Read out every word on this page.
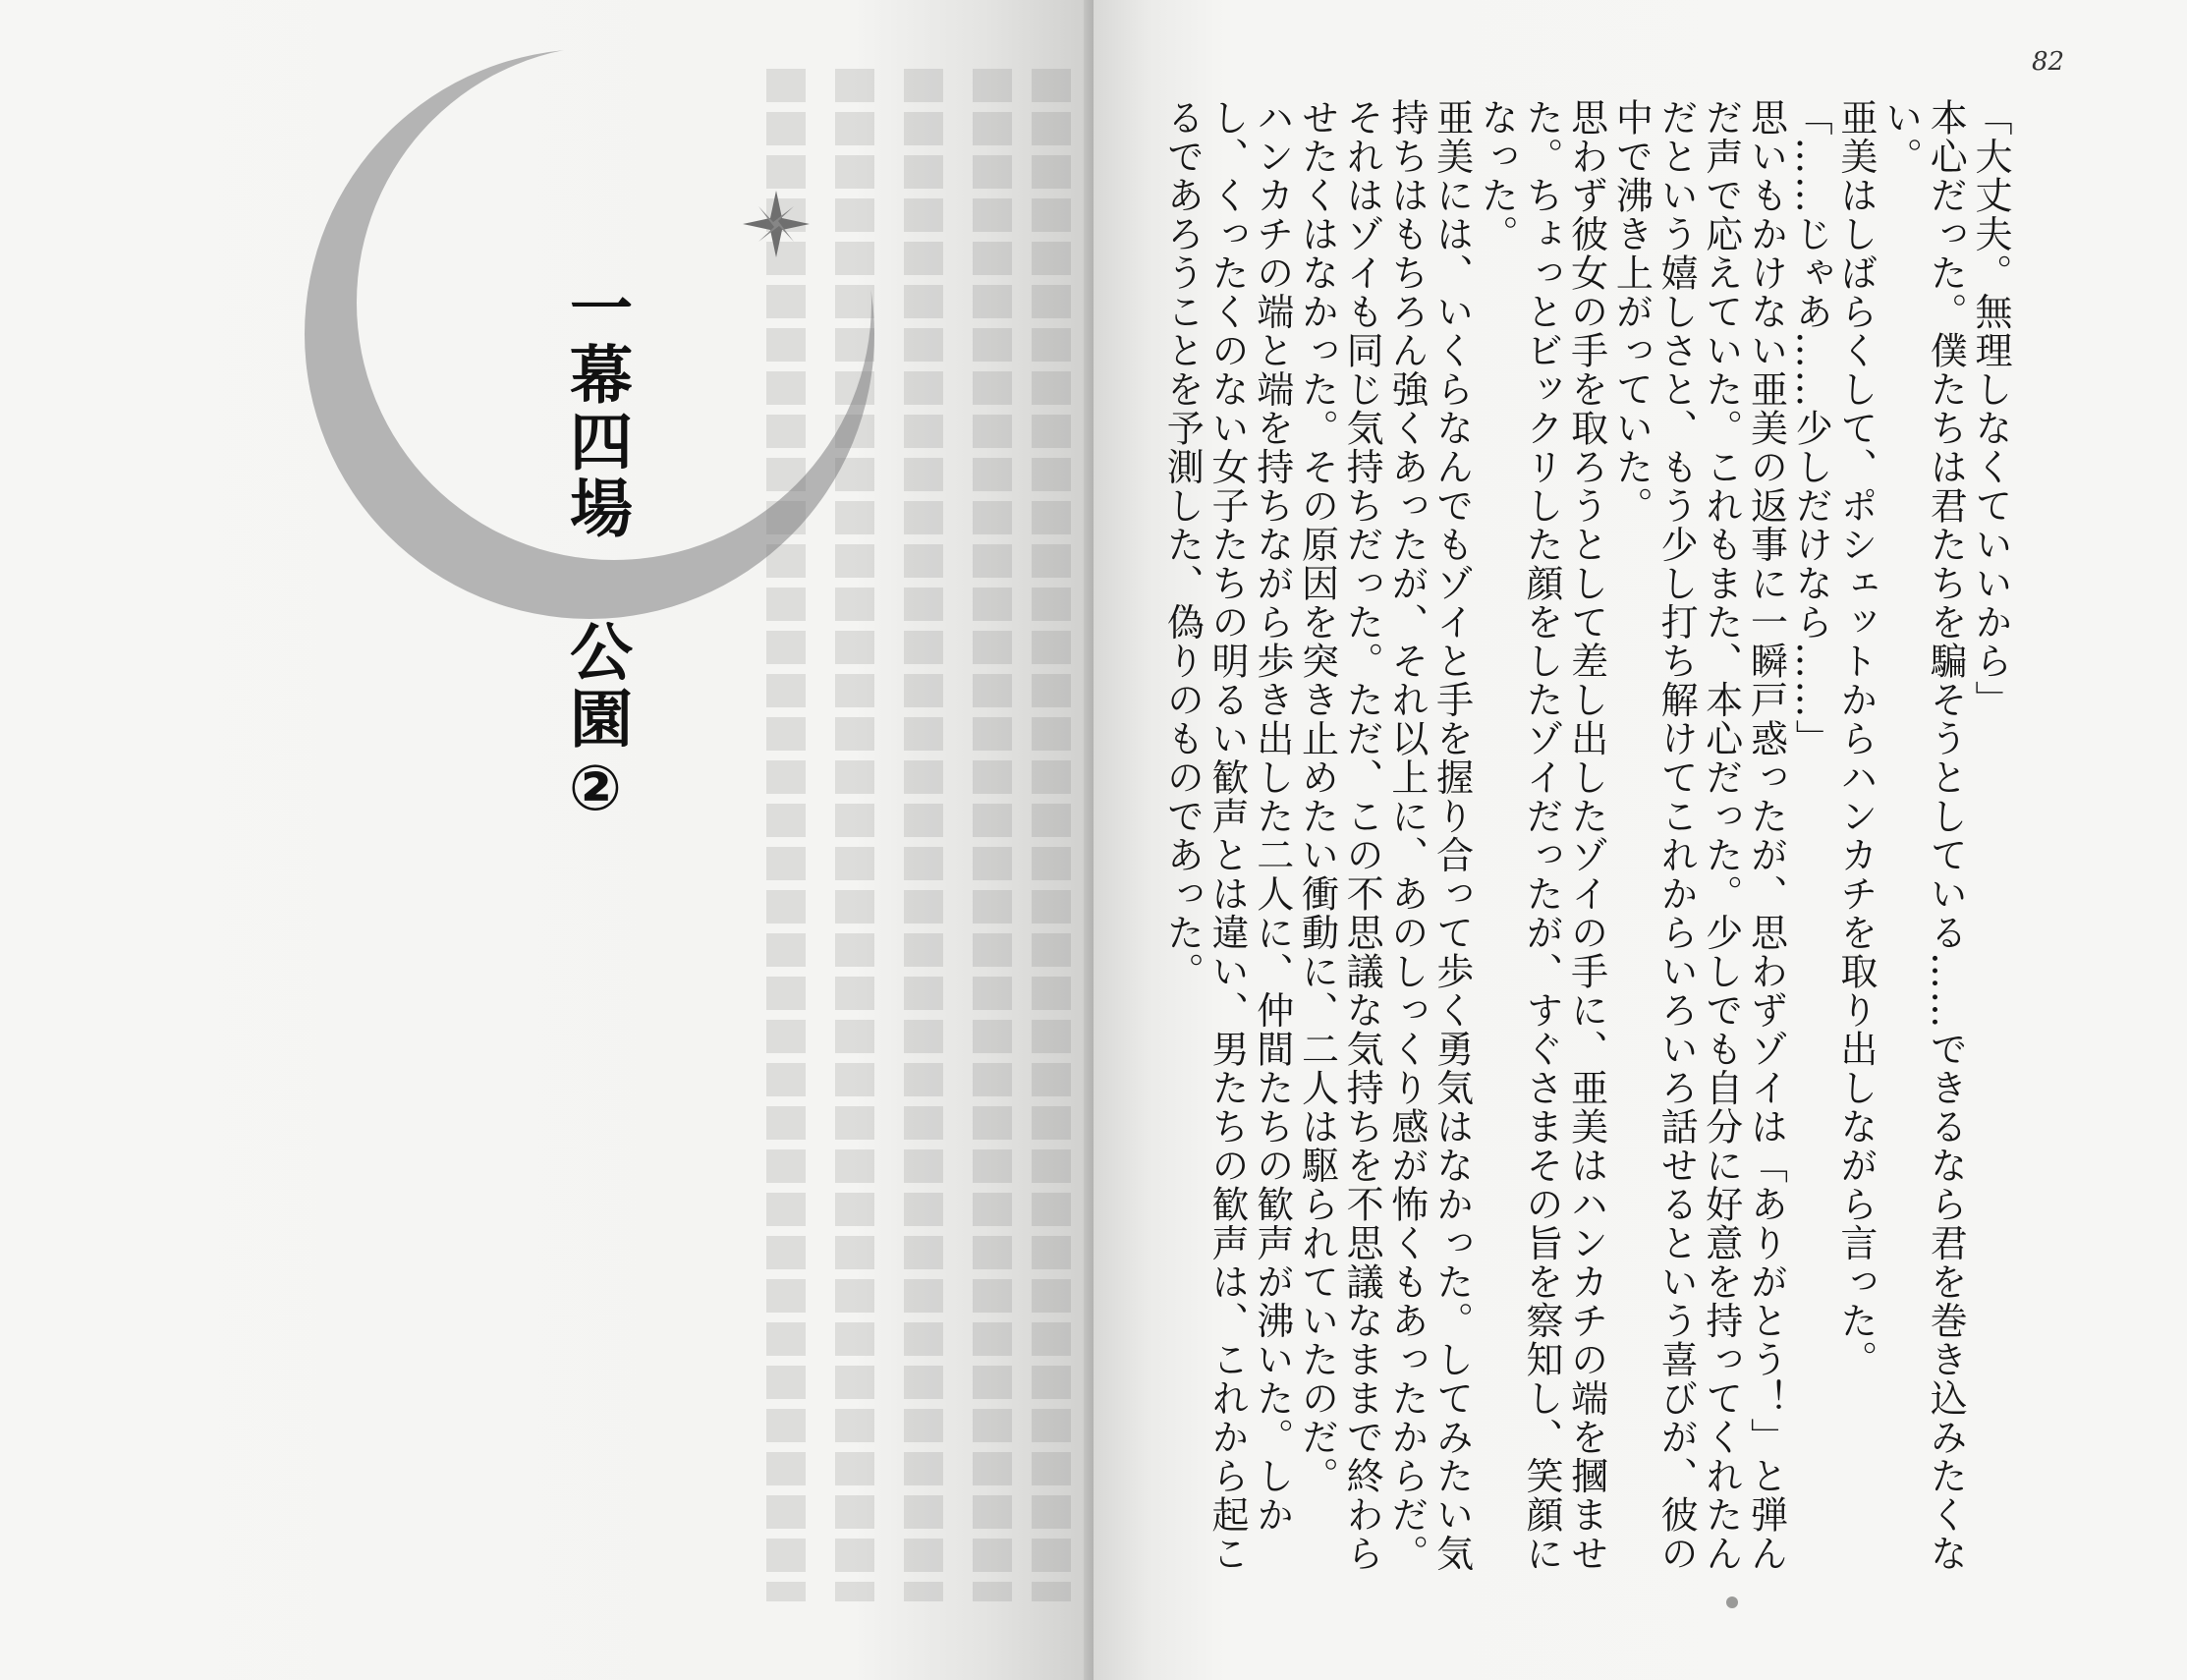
一幕四場
公園②
82

「大丈夫。無理しなくていいから」

本心だった。僕たちは君たちを騙そうとしている……できるなら君を巻き込みたくない。

亜美はしばらくして、ポシェットからハンカチを取り出しながら言った。

「……じゃあ……少しだけなら……」

思いもかけない亜美の返事に一瞬戸惑ったが、思わずゾイは「ありがとう！」と弾んだ声で応えていた。これもまた、本心だった。少しでも自分に好意を持ってくれたんだという嬉しさと、もう少し打ち解けてこれからいろいろ話せるという喜びが、彼の中で沸き上がっていた。

思わず彼女の手を取ろうとして差し出したゾイの手に、亜美はハンカチの端を摑ませた。ちょっとビックリした顔をしたゾイだったが、すぐさまその旨を察知し、笑顔になった。

亜美には、いくらなんでもゾイと手を握り合って歩く勇気はなかった。してみたい気持ちはもちろん強くあったが、それ以上に、あのしっくり感が怖くもあったからだ。

それはゾイも同じ気持ちだった。ただ、この不思議な気持ちを不思議なままで終わらせたくはなかった。その原因を突き止めたい衝動に、二人は駆られていたのだ。

ハンカチの端と端を持ちながら歩き出した二人に、仲間たちの歓声が沸いた。しかし、くったくのない女子たちの明るい歓声とは違い、男たちの歓声は、これから起こるであろうことを予測した、偽りのものであった。
